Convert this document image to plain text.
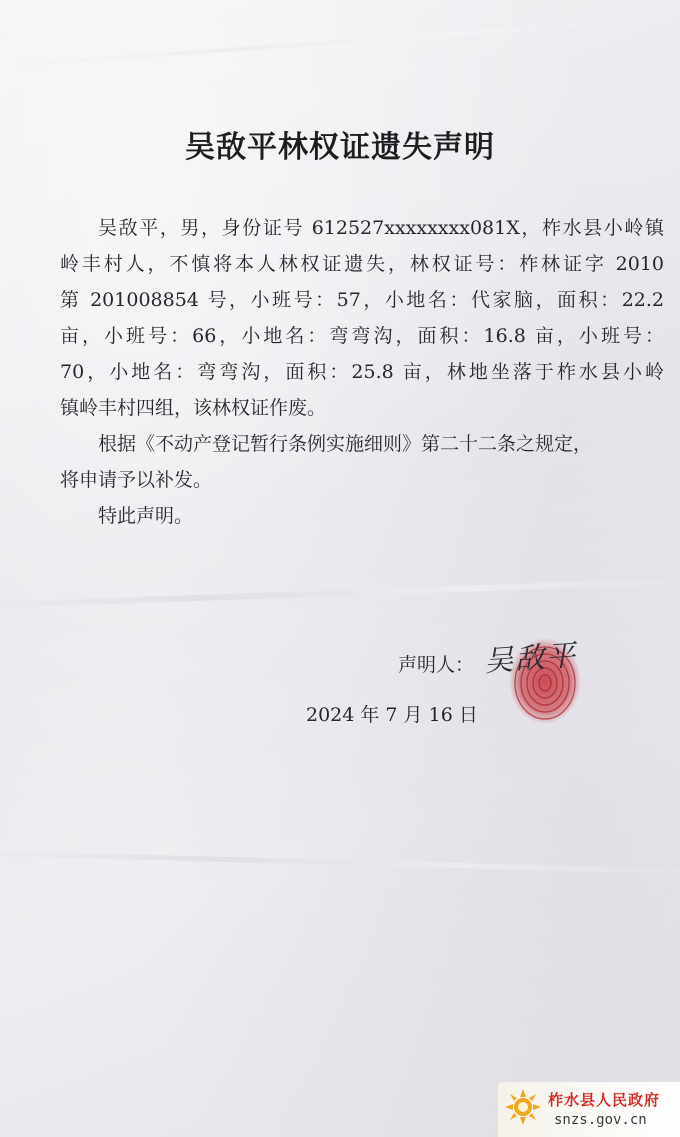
吴敌平林权证遗失声明
吴敌平，男，身份证号 612527xxxxxxxx081X，柞水县小岭镇
岭丰村人，不慎将本人林权证遗失，林权证号：柞林证字 2010
第 201008854 号，小班号：57，小地名：代家脑，面积：22.2
亩，小班号：66，小地名：弯弯沟，面积：16.8 亩，小班号：
70，小地名：弯弯沟，面积：25.8 亩，林地坐落于柞水县小岭
镇岭丰村四组，该林权证作废。
根据《不动产登记暂行条例实施细则》第二十二条之规定，
将申请予以补发。
特此声明。
声明人： 吴敌平
2024 年 7 月 16 日
柞水县人民政府
snzs.gov.cn
